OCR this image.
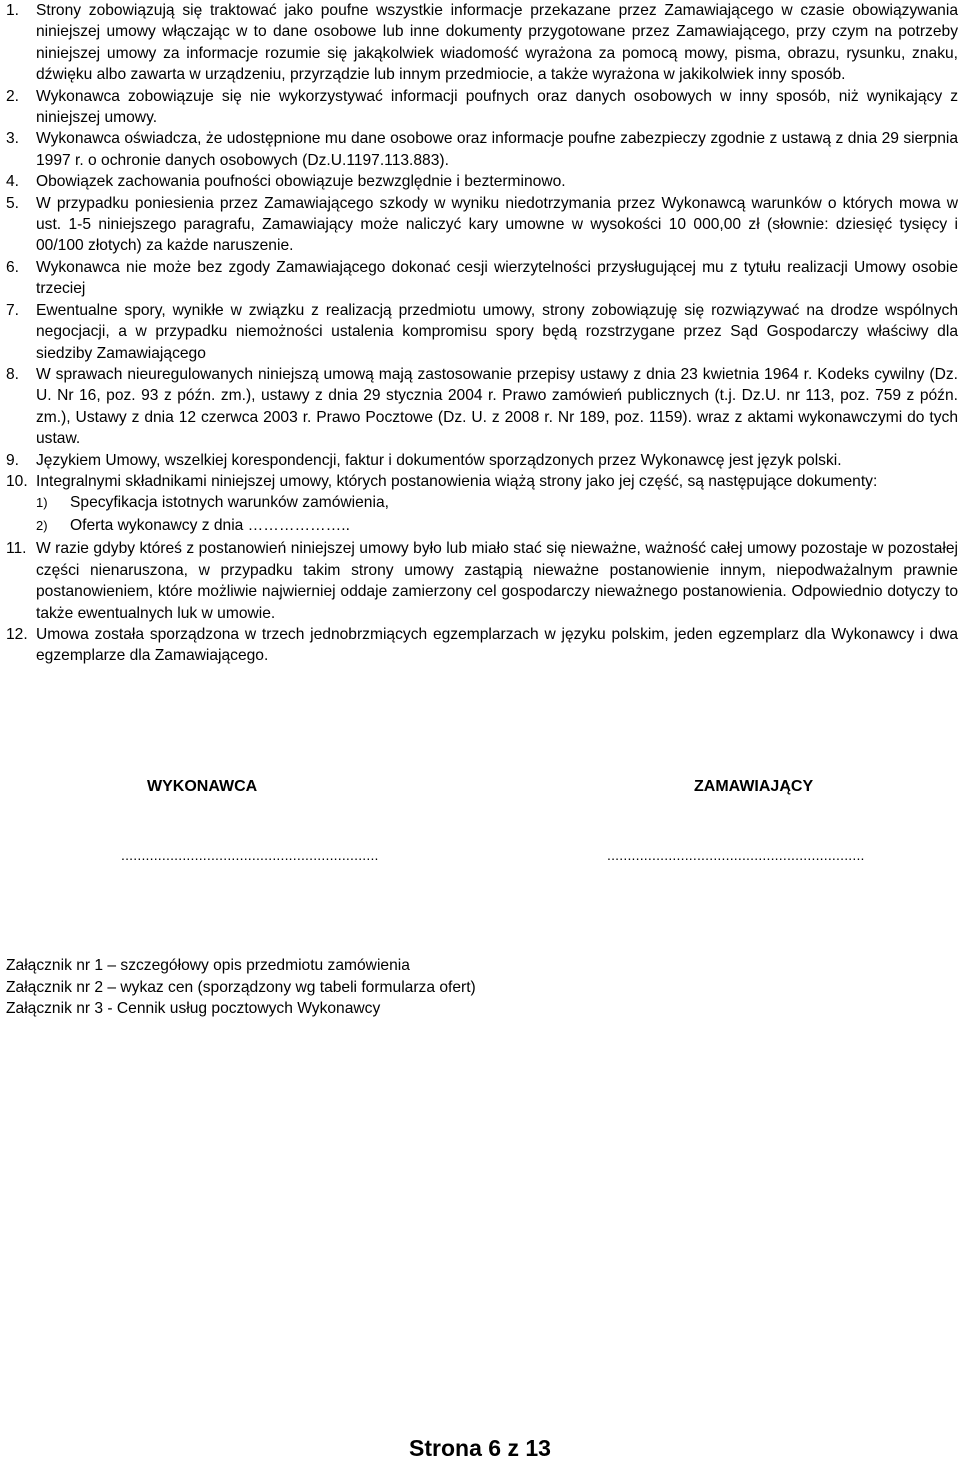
1.	Strony zobowiązują się traktować jako poufne wszystkie informacje przekazane przez Zamawiającego w czasie obowiązywania niniejszej umowy włączając w to dane osobowe lub inne dokumenty przygotowane przez Zamawiającego, przy czym na potrzeby niniejszej umowy za informacje rozumie się jakąkolwiek wiadomość wyrażona za pomocą mowy, pisma, obrazu, rysunku, znaku, dźwięku albo zawarta w urządzeniu, przyrządzie lub innym przedmiocie, a także wyrażona w jakikolwiek inny sposób.
2.	Wykonawca zobowiązuje się nie wykorzystywać informacji poufnych oraz danych osobowych w inny sposób, niż wynikający z niniejszej umowy.
3.	Wykonawca oświadcza, że udostępnione mu dane osobowe oraz informacje poufne zabezpieczy zgodnie z ustawą z dnia 29 sierpnia 1997 r. o ochronie danych osobowych (Dz.U.1197.113.883).
4.	Obowiązek zachowania poufności obowiązuje bezwzględnie i bezterminowo.
5.	W przypadku poniesienia przez Zamawiającego szkody w wyniku niedotrzymania przez Wykonawcą warunków o których mowa w ust. 1-5 niniejszego paragrafu, Zamawiający może naliczyć kary umowne w wysokości 10 000,00 zł (słownie: dziesięć tysięcy i 00/100 złotych) za każde naruszenie.
6.	Wykonawca nie może bez zgody Zamawiającego dokonać cesji wierzytelności przysługującej mu z tytułu realizacji Umowy osobie trzeciej
7.	Ewentualne spory, wynikłe w związku z realizacją przedmiotu umowy, strony zobowiązuję się rozwiązywać na drodze wspólnych negocjacji, a w przypadku niemożności ustalenia kompromisu spory będą rozstrzygane przez Sąd Gospodarczy właściwy dla siedziby Zamawiającego
8.	W sprawach nieuregulowanych niniejszą umową mają zastosowanie przepisy ustawy z dnia 23 kwietnia 1964 r. Kodeks cywilny (Dz. U. Nr 16, poz. 93 z późn. zm.), ustawy z dnia 29 stycznia 2004 r. Prawo zamówień publicznych (t.j. Dz.U. nr 113, poz. 759 z późn. zm.), Ustawy z dnia 12 czerwca 2003 r. Prawo Pocztowe (Dz. U. z 2008 r. Nr 189, poz. 1159). wraz z aktami wykonawczymi do tych ustaw.
9.	Językiem Umowy, wszelkiej korespondencji, faktur i dokumentów sporządzonych przez Wykonawcę jest język polski.
10. Integralnymi składnikami niniejszej umowy, których postanowienia wiążą strony jako jej część, są następujące dokumenty:
1)	Specyfikacja istotnych warunków zamówienia,
2)	Oferta wykonawcy z dnia ………………..
11. W razie gdyby któreś z postanowień niniejszej umowy było lub miało stać się nieważne, ważność całej umowy pozostaje w pozostałej części nienaruszona, w przypadku takim strony umowy zastąpią nieważne postanowienie innym, niepodważalnym prawnie postanowieniem, które możliwie najwierniej oddaje zamierzony cel gospodarczy nieważnego postanowienia. Odpowiednio dotyczy to także ewentualnych luk w umowie.
12. Umowa została sporządzona w trzech jednobrzmiących egzemplarzach w języku polskim, jeden egzemplarz dla Wykonawcy i dwa egzemplarze dla Zamawiającego.
WYKONAWCA	ZAMAWIAJĄCY
...............................................................	...............................................................
Załącznik nr 1 – szczegółowy opis przedmiotu zamówienia
Załącznik nr 2 – wykaz cen (sporządzony wg tabeli formularza ofert)
Załącznik nr 3 - Cennik usług pocztowych Wykonawcy
Strona 6 z 13
